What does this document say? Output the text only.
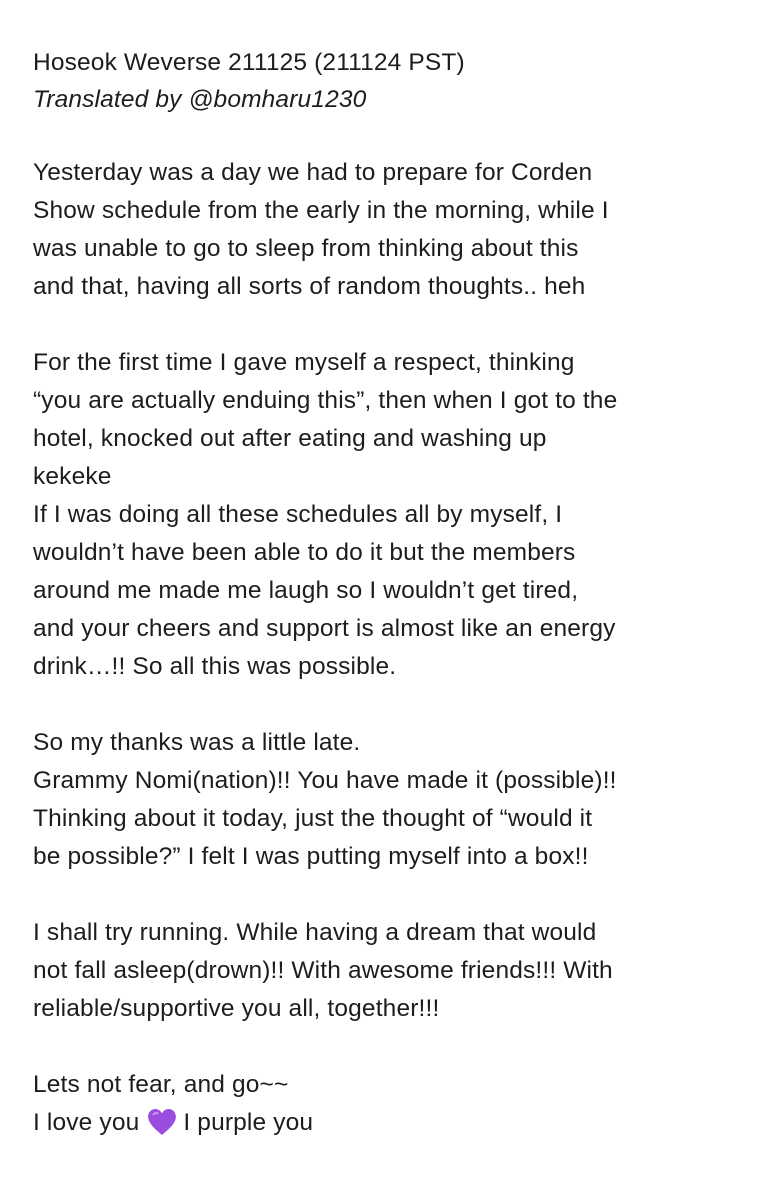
Hoseok Weverse 211125 (211124 PST)
Translated by @bomharu1230
Yesterday was a day we had to prepare for Corden
Show schedule from the early in the morning, while I
was unable to go to sleep from thinking about this
and that, having all sorts of random thoughts.. heh
For the first time I gave myself a respect, thinking
“you are actually enduing this”, then when I got to the
hotel, knocked out after eating and washing up
kekeke
If I was doing all these schedules all by myself, I
wouldn’t have been able to do it but the members
around me made me laugh so I wouldn’t get tired,
and your cheers and support is almost like an energy
drink…!! So all this was possible.
So my thanks was a little late.
Grammy Nomi(nation)!! You have made it (possible)!!
Thinking about it today, just the thought of “would it
be possible?” I felt I was putting myself into a box!!
I shall try running. While having a dream that would
not fall asleep(drown)!! With awesome friends!!! With
reliable/supportive you all, together!!!
Lets not fear, and go~~
I love you I purple you
